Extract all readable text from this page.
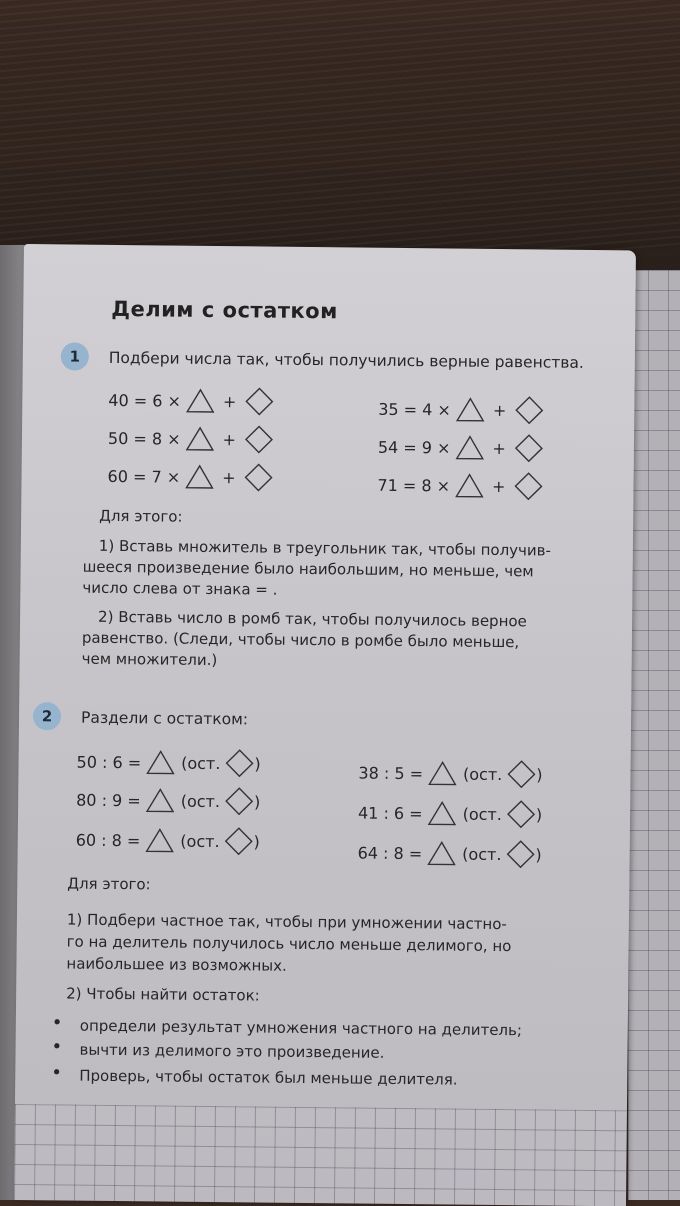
Делим с остатком
1	Подбери числа так, чтобы получились верные равенства.
40 = 6 ×	+
50 = 8 ×	+
60 = 7 ×	+
35 = 4 ×	+
54 = 9 ×	+
71 = 8 ×	+
Для этого:
1) Вставь множитель в треугольник так, чтобы получив-
шееся произведение было наибольшим, но меньше, чем
число слева от знака = .
2) Вставь число в ромб так, чтобы получилось верное
равенство. (Следи, чтобы число в ромбе было меньше,
чем множители.)
2	Раздели с остатком:
50 : 6 = (ост. )
80 : 9 = (ост. )
60 : 8 = (ост. )
38 : 5 = (ост. )
41 : 6 = (ост. )
64 : 8 = (ост. )
Для этого:
1) Подбери частное так, чтобы при умножении частно-
го на делитель получилось число меньше делимого, но
наибольшее из возможных.
2) Чтобы найти остаток:
• определи результат умножения частного на делитель;
• вычти из делимого это произведение.
• Проверь, чтобы остаток был меньше делителя.
